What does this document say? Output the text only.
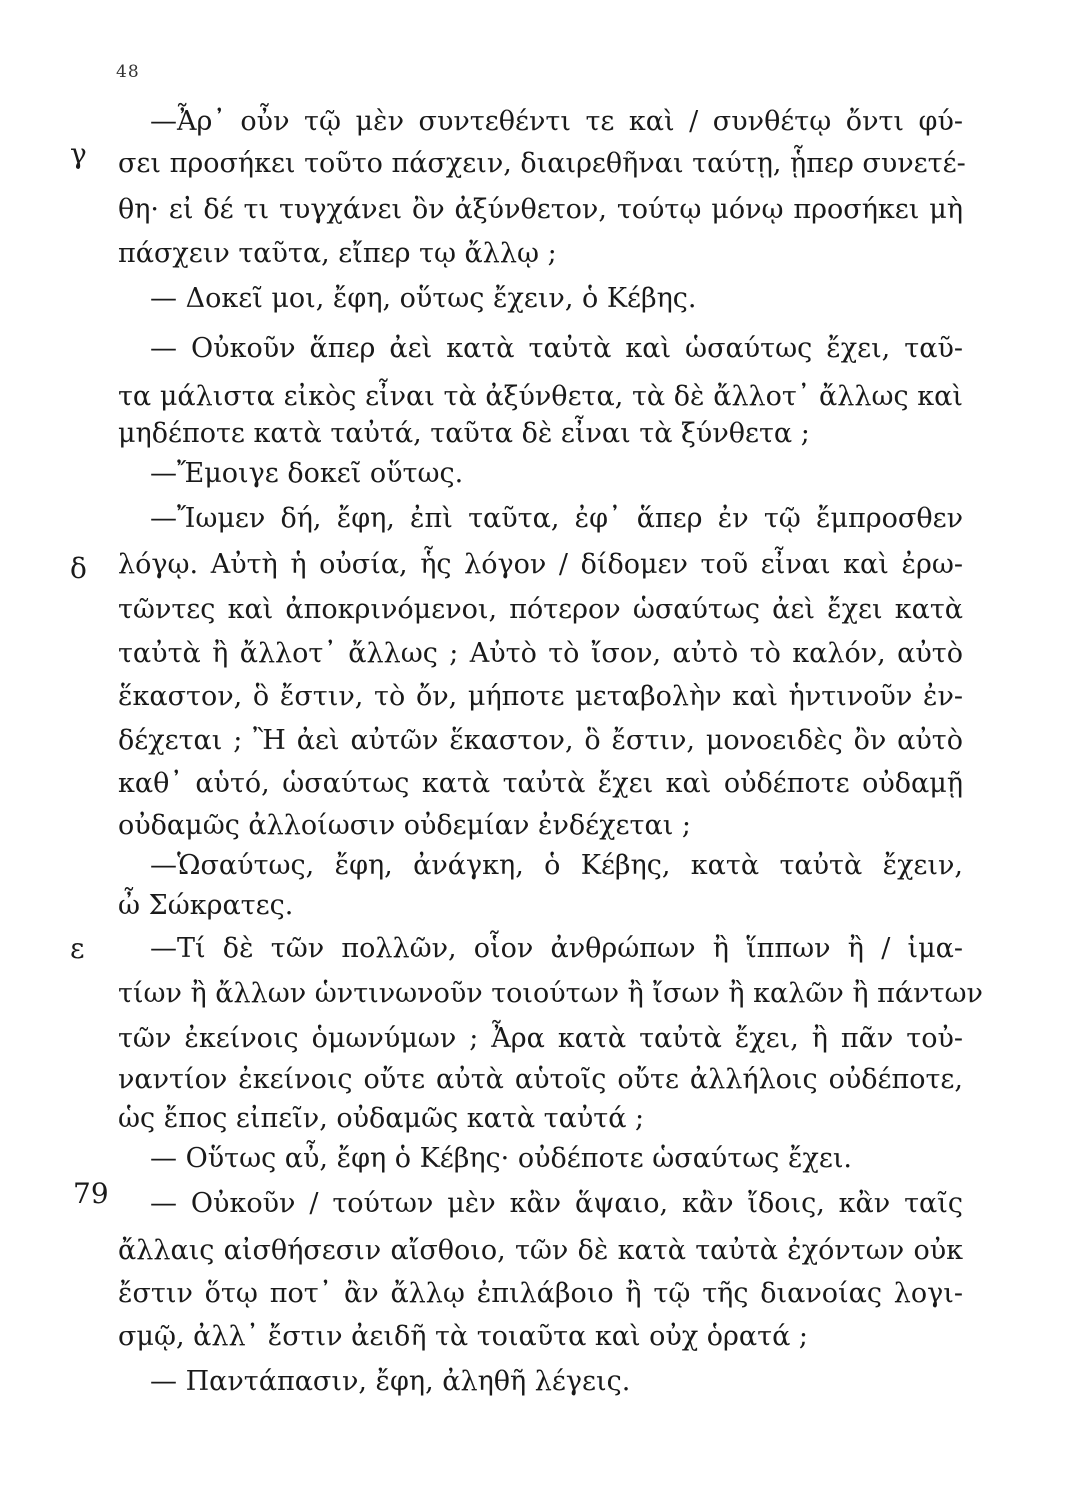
48
γ
δ
ε
79
—Ἆρ᾽ οὖν τῷ μὲν συντεθέντι τε καὶ / συνθέτῳ ὄντι φύ-
σει προσήκει τοῦτο πάσχειν, διαιρεθῆναι ταύτῃ, ᾗπερ συνετέ-
θη· εἰ δέ τι τυγχάνει ὂν ἀξύνθετον, τούτῳ μόνῳ προσήκει μὴ
πάσχειν ταῦτα, εἴπερ τῳ ἄλλῳ ;
— Δοκεῖ μοι, ἔφη, οὕτως ἔχειν, ὁ Κέβης.
— Οὐκοῦν ἅπερ ἀεὶ κατὰ ταὐτὰ καὶ ὡσαύτως ἔχει, ταῦ-
τα μάλιστα εἰκὸς εἶναι τὰ ἀξύνθετα, τὰ δὲ ἄλλοτ᾽ ἄλλως καὶ
μηδέποτε κατὰ ταὐτά, ταῦτα δὲ εἶναι τὰ ξύνθετα ;
—Ἔμοιγε δοκεῖ οὕτως.
—Ἴωμεν δή, ἔφη, ἐπὶ ταῦτα, ἐφ᾽ ἅπερ ἐν τῷ ἔμπροσθεν
λόγῳ. Αὐτὴ ἡ οὐσία, ἧς λόγον / δίδομεν τοῦ εἶναι καὶ ἐρω-
τῶντες καὶ ἀποκρινόμενοι, πότερον ὡσαύτως ἀεὶ ἔχει κατὰ
ταὐτὰ ἢ ἄλλοτ᾽ ἄλλως ; Αὐτὸ τὸ ἴσον, αὐτὸ τὸ καλόν, αὐτὸ
ἕκαστον, ὃ ἔστιν, τὸ ὄν, μήποτε μεταβολὴν καὶ ἡντινοῦν ἐν-
δέχεται ; Ἢ ἀεὶ αὐτῶν ἕκαστον, ὃ ἔστιν, μονοειδὲς ὂν αὐτὸ
καθ᾽ αὑτό, ὡσαύτως κατὰ ταὐτὰ ἔχει καὶ οὐδέποτε οὐδαμῇ
οὐδαμῶς ἀλλοίωσιν οὐδεμίαν ἐνδέχεται ;
—Ὡσαύτως, ἔφη, ἀνάγκη, ὁ Κέβης, κατὰ ταὐτὰ ἔχειν,
ὦ Σώκρατες.
—Τί δὲ τῶν πολλῶν, οἷον ἀνθρώπων ἢ ἵππων ἢ / ἱμα-
τίων ἢ ἄλλων ὡντινωνοῦν τοιούτων ἢ ἴσων ἢ καλῶν ἢ πάντων
τῶν ἐκείνοις ὁμωνύμων ; Ἆρα κατὰ ταὐτὰ ἔχει, ἢ πᾶν τοὐ-
ναντίον ἐκείνοις οὔτε αὐτὰ αὑτοῖς οὔτε ἀλλήλοις οὐδέποτε,
ὡς ἔπος εἰπεῖν, οὐδαμῶς κατὰ ταὐτά ;
— Οὕτως αὖ, ἔφη ὁ Κέβης· οὐδέποτε ὡσαύτως ἔχει.
— Οὐκοῦν / τούτων μὲν κἂν ἅψαιο, κἂν ἴδοις, κἂν ταῖς
ἄλλαις αἰσθήσεσιν αἴσθοιο, τῶν δὲ κατὰ ταὐτὰ ἐχόντων οὐκ
ἔστιν ὅτῳ ποτ᾽ ἂν ἄλλῳ ἐπιλάβοιο ἢ τῷ τῆς διανοίας λογι-
σμῷ, ἀλλ᾽ ἔστιν ἀειδῆ τὰ τοιαῦτα καὶ οὐχ ὁρατά ;
— Παντάπασιν, ἔφη, ἀληθῆ λέγεις.
